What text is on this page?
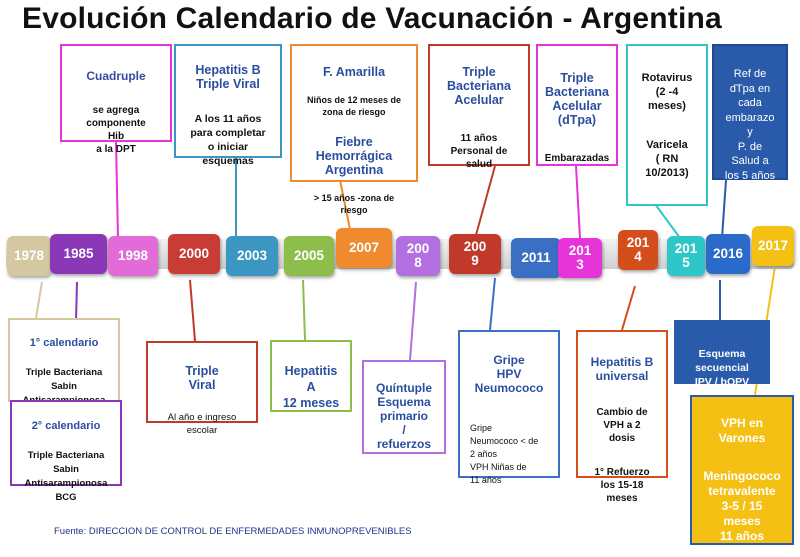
Evolución Calendario de Vacunación - Argentina
1978	1985	1998	2000	2003	2005
2007	200
8
200
9	2011	201
3
201
4
201
5
2016
2017

Cuadruple

se agrega
componente
Hib
a la DPT

Hepatitis B
Triple Viral

A los 11 años
para completar
o iniciar
esquemas

F. Amarilla

Niños de 12 meses de
zona de riesgo

Fiebre
Hemorrágica
Argentina

> 15 años -zona de
riesgo

Triple
Bacteriana
Acelular

11 años
Personal de
salud

Triple
Bacteriana
Acelular
(dTpa)

Embarazadas

Rotavirus
(2 -4
meses)

Varicela
( RN
10/2013)

Ref de
dTpa en
cada
embarazo
y
P. de
Salud a
los 5 años

1° calendario

Triple Bacteriana
Sabin

2° calendario

Triple Bacteriana
Sabin
Antisarampionosa
BCG

Triple
Viral

Al año e ingreso
escolar

Hepatitis
A
12 meses

Quíntuple
Esquema
primario
/
refuerzos

Gripe
HPV
Neumococo

Gripe
Neumococo < de
2 años
VPH Niñas de
11 años

Hepatitis B
universal

Cambio de
VPH a 2
dosis

1° Refuerzo
los 15-18
meses

Esquema
secuencial
IPV / bOPV

VPH en
Varones

Meningococo
tetravalente
3-5 / 15
meses
11 años

Fuente: DIRECCION DE CONTROL DE ENFERMEDADES INMUNOPREVENIBLES
